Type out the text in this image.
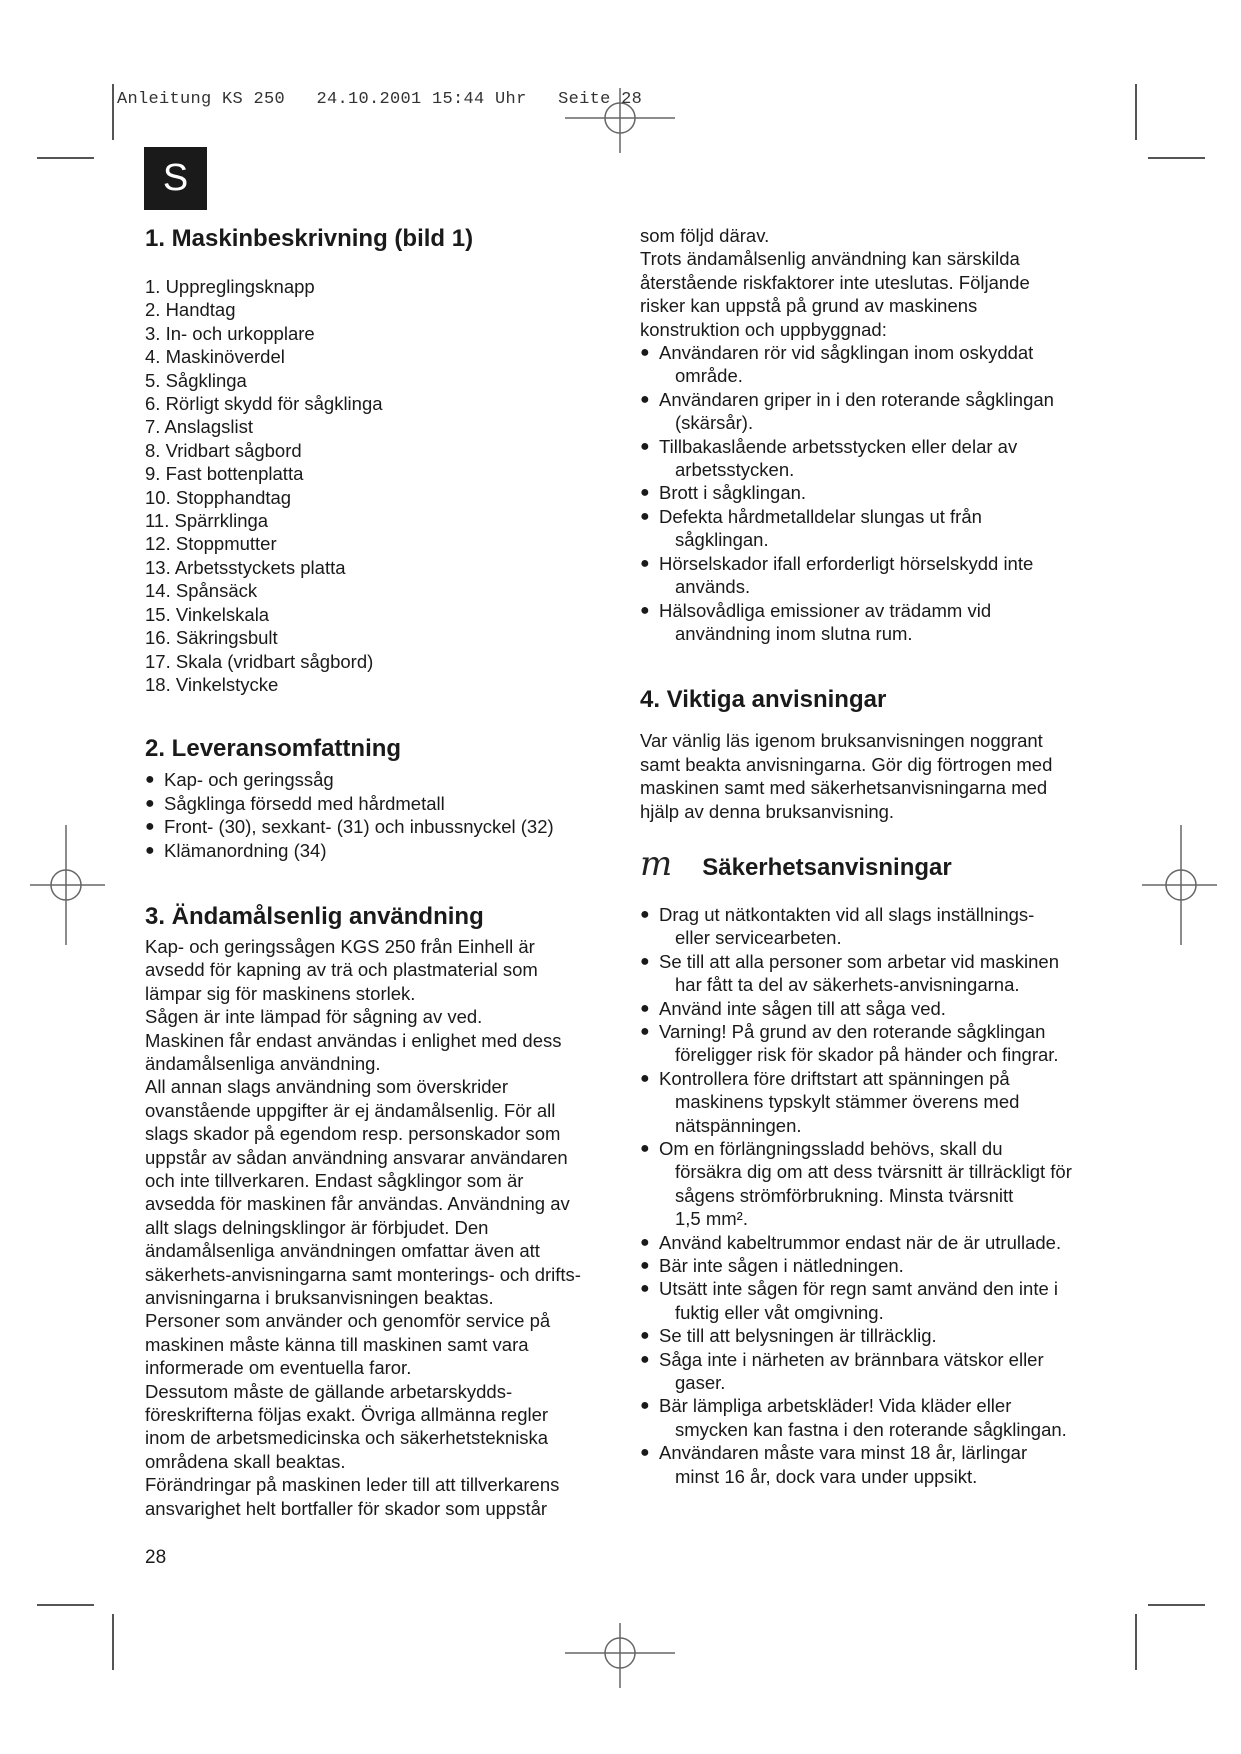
Anleitung KS 250   24.10.2001 15:44 Uhr   Seite 28
S
1. Maskinbeskrivning (bild 1)
1. Uppreglingsknapp
2. Handtag
3. In- och urkopplare
4. Maskinöverdel
5. Sågklinga
6. Rörligt skydd för sågklinga
7. Anslagslist
8. Vridbart sågbord
9. Fast bottenplatta
10. Stopphandtag
11. Spärrklinga
12. Stoppmutter
13. Arbetsstyckets platta
14. Spånsäck
15. Vinkelskala
16. Säkringsbult
17. Skala (vridbart sågbord)
18. Vinkelstycke
2. Leveransomfattning
● Kap- och geringssåg
● Sågklinga försedd med hårdmetall
● Front- (30), sexkant- (31) och inbussnyckel (32)
● Klämanordning (34)
3. Ändamålsenlig användning
Kap- och geringssågen KGS 250 från Einhell är
avsedd för kapning av trä och plastmaterial som
lämpar sig för maskinens storlek.
Sågen är inte lämpad för sågning av ved.
Maskinen får endast användas i enlighet med dess
ändamålsenliga användning.
All annan slags användning som överskrider
ovanstående uppgifter är ej ändamålsenlig. För all
slags skador på egendom resp. personskador som
uppstår av sådan användning ansvarar användaren
och inte tillverkaren. Endast sågklingor som är
avsedda för maskinen får användas. Användning av
allt slags delningsklingor är förbjudet. Den
ändamålsenliga användningen omfattar även att
säkerhets-anvisningarna samt monterings- och drifts-
anvisningarna i bruksanvisningen beaktas.
Personer som använder och genomför service på
maskinen måste känna till maskinen samt vara
informerade om eventuella faror.
Dessutom måste de gällande arbetarskydds-
föreskrifterna följas exakt. Övriga allmänna regler
inom de arbetsmedicinska och säkerhetstekniska
områdena skall beaktas.
Förändringar på maskinen leder till att tillverkarens
ansvarighet helt bortfaller för skador som uppstår
som följd därav.
Trots ändamålsenlig användning kan särskilda
återstående riskfaktorer inte uteslutas. Följande
risker kan uppstå på grund av maskinens
konstruktion och uppbyggnad:
● Användaren rör vid sågklingan inom oskyddat
område.
● Användaren griper in i den roterande sågklingan
(skärsår).
● Tillbakaslående arbetsstycken eller delar av
arbetsstycken.
● Brott i sågklingan.
● Defekta hårdmetalldelar slungas ut från
sågklingan.
● Hörselskador ifall erforderligt hörselskydd inte
används.
● Hälsovådliga emissioner av trädamm vid
användning inom slutna rum.
4. Viktiga anvisningar
Var vänlig läs igenom bruksanvisningen noggrant
samt beakta anvisningarna. Gör dig förtrogen med
maskinen samt med säkerhetsanvisningarna med
hjälp av denna bruksanvisning.
m Säkerhetsanvisningar
● Drag ut nätkontakten vid all slags inställnings-
eller servicearbeten.
● Se till att alla personer som arbetar vid maskinen
har fått ta del av säkerhets-anvisningarna.
● Använd inte sågen till att såga ved.
● Varning! På grund av den roterande sågklingan
föreligger risk för skador på händer och fingrar.
● Kontrollera före driftstart att spänningen på
maskinens typskylt stämmer överens med
nätspänningen.
● Om en förlängningssladd behövs, skall du
försäkra dig om att dess tvärsnitt är tillräckligt för
sågens strömförbrukning. Minsta tvärsnitt
1,5 mm².
● Använd kabeltrummor endast när de är utrullade.
● Bär inte sågen i nätledningen.
● Utsätt inte sågen för regn samt använd den inte i
fuktig eller våt omgivning.
● Se till att belysningen är tillräcklig.
● Såga inte i närheten av brännbara vätskor eller
gaser.
● Bär lämpliga arbetskläder! Vida kläder eller
smycken kan fastna i den roterande sågklingan.
● Användaren måste vara minst 18 år, lärlingar
minst 16 år, dock vara under uppsikt.
28
